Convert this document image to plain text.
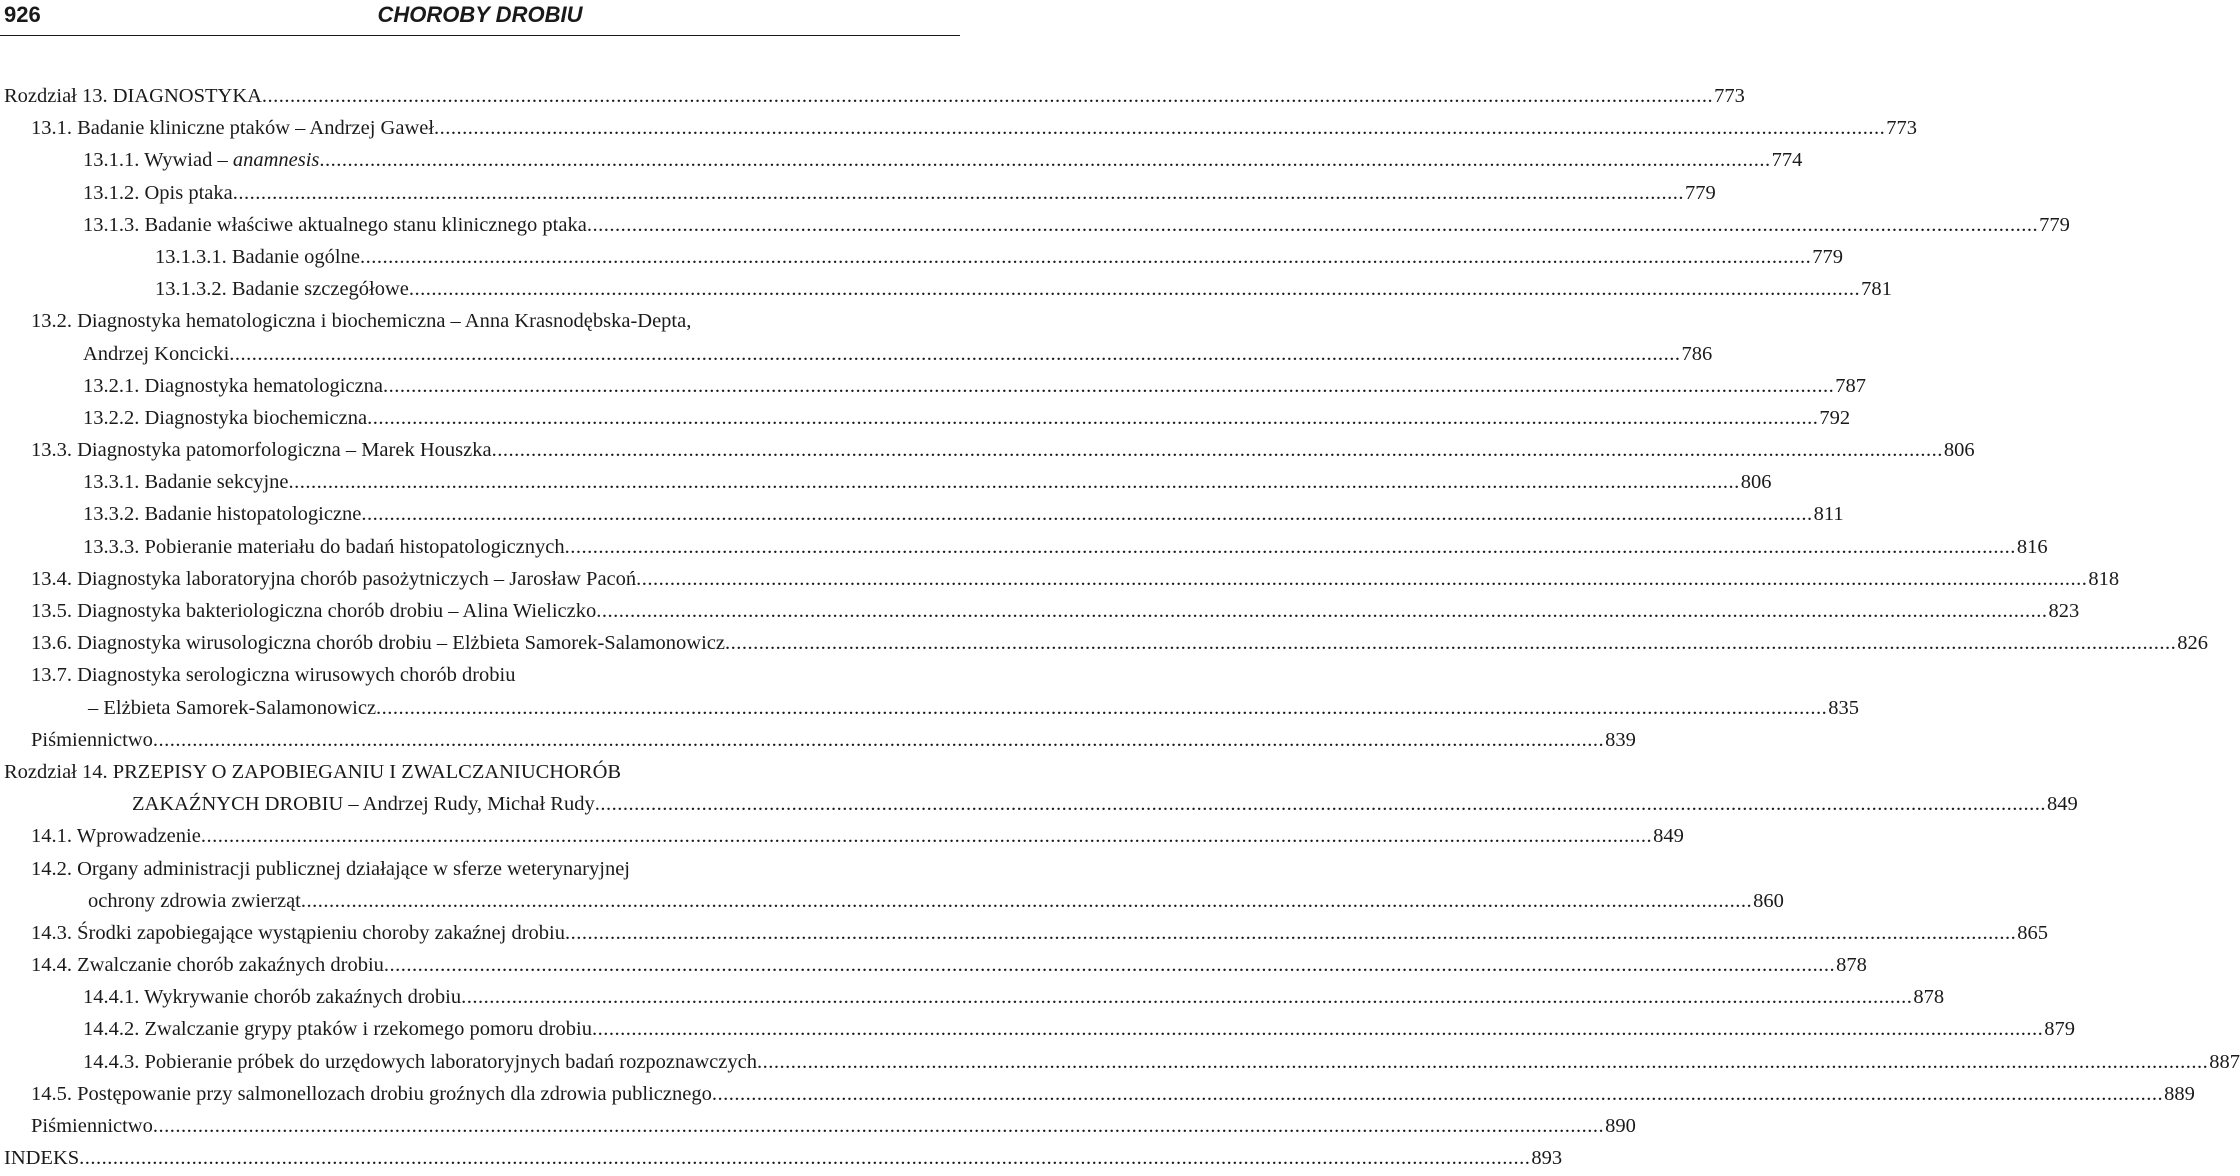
926	CHOROBY DROBIU
Rozdział 13. DIAGNOSTYKA .....	773
13.1. Badanie kliniczne ptaków – Andrzej Gaweł .....	773
13.1.1. Wywiad – anamnesis .....	774
13.1.2. Opis ptaka .....	779
13.1.3. Badanie właściwe aktualnego stanu klinicznego ptaka .....	779
13.1.3.1. Badanie ogólne .....	779
13.1.3.2. Badanie szczegółowe .....	781
13.2. Diagnostyka hematologiczna i biochemiczna – Anna Krasnodębska-Depta,
Andrzej Koncicki .....	786
13.2.1. Diagnostyka hematologiczna .....	787
13.2.2. Diagnostyka biochemiczna .....	792
13.3. Diagnostyka patomorfologiczna – Marek Houszka .....	806
13.3.1. Badanie sekcyjne .....	806
13.3.2. Badanie histopatologiczne .....	811
13.3.3. Pobieranie materiału do badań histopatologicznych .....	816
13.4. Diagnostyka laboratoryjna chorób pasożytniczych – Jarosław Pacoń .....	818
13.5. Diagnostyka bakteriologiczna chorób drobiu – Alina Wieliczko .....	823
13.6. Diagnostyka wirusologiczna chorób drobiu – Elżbieta Samorek-Salamonowicz .....	826
13.7. Diagnostyka serologiczna wirusowych chorób drobiu
– Elżbieta Samorek-Salamonowicz .....	835
Piśmiennictwo .....	839
Rozdział 14. PRZEPISY O ZAPOBIEGANIU I ZWALCZANIUCHORÓB
ZAKAŹNYCH DROBIU – Andrzej Rudy, Michał Rudy .....	849
14.1. Wprowadzenie .....	849
14.2. Organy administracji publicznej działające w sferze weterynaryjnej
ochrony zdrowia zwierząt .....	860
14.3. Środki zapobiegające wystąpieniu choroby zakaźnej drobiu .....	865
14.4. Zwalczanie chorób zakaźnych drobiu .....	878
14.4.1. Wykrywanie chorób zakaźnych drobiu .....	878
14.4.2. Zwalczanie grypy ptaków i rzekomego pomoru drobiu .....	879
14.4.3. Pobieranie próbek do urzędowych laboratoryjnych badań rozpoznawczych .....	887
14.5. Postępowanie przy salmonellozach drobiu groźnych dla zdrowia publicznego .....	889
Piśmiennictwo .....	890
INDEKS .....	893
